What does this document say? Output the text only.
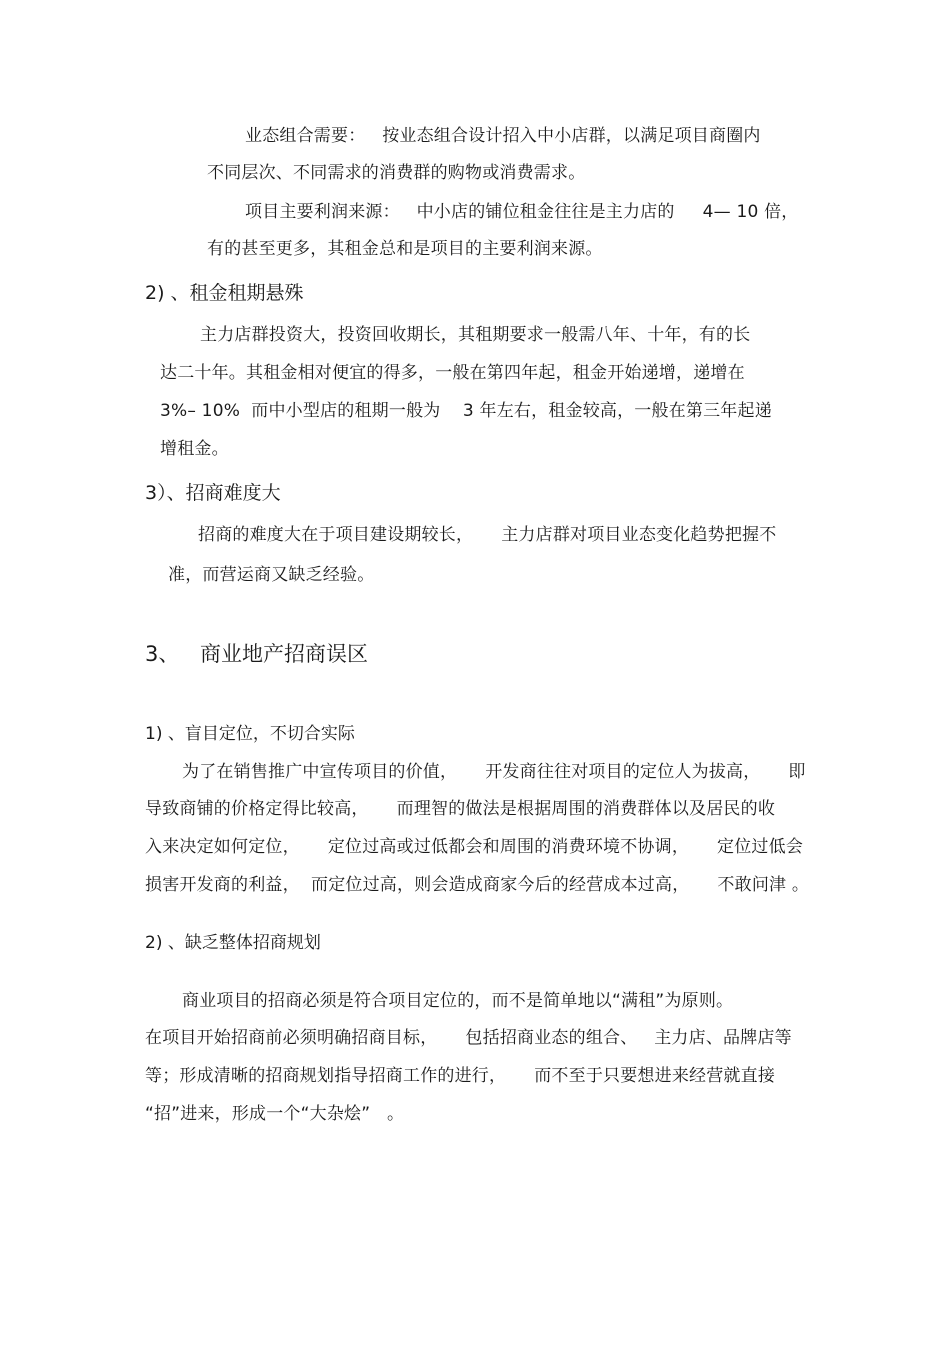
业态组合需要：   按业态组合设计招入中小店群，以满足项目商圈内
不同层次、不同需求的消费群的购物或消费需求。
项目主要利润来源：   中小店的铺位租金往往是主力店的     4— 10 倍，
有的甚至更多，其租金总和是项目的主要利润来源。
2) 、租金租期悬殊
主力店群投资大，投资回收期长，其租期要求一般需八年、十年，有的长
达二十年。其租金相对便宜的得多，一般在第四年起，租金开始递增，递增在
3%– 10%  而中小型店的租期一般为    3 年左右，租金较高，一般在第三年起递
增租金。
3）、招商难度大
招商的难度大在于项目建设期较长，     主力店群对项目业态变化趋势把握不
准，而营运商又缺乏经验。
3、 商业地产招商误区
1) 、盲目定位，不切合实际
为了在销售推广中宣传项目的价值，     开发商往往对项目的定位人为拔高，     即
导致商铺的价格定得比较高，     而理智的做法是根据周围的消费群体以及居民的收
入来决定如何定位，     定位过高或过低都会和周围的消费环境不协调，     定位过低会
损害开发商的利益，  而定位过高，则会造成商家今后的经营成本过高，     不敢问津 。
2) 、缺乏整体招商规划
商业项目的招商必须是符合项目定位的，而不是简单地以“满租”为原则。
在项目开始招商前必须明确招商目标，     包括招商业态的组合、   主力店、品牌店等
等；形成清晰的招商规划指导招商工作的进行，     而不至于只要想进来经营就直接
“招”进来，形成一个“大杂烩”   。
